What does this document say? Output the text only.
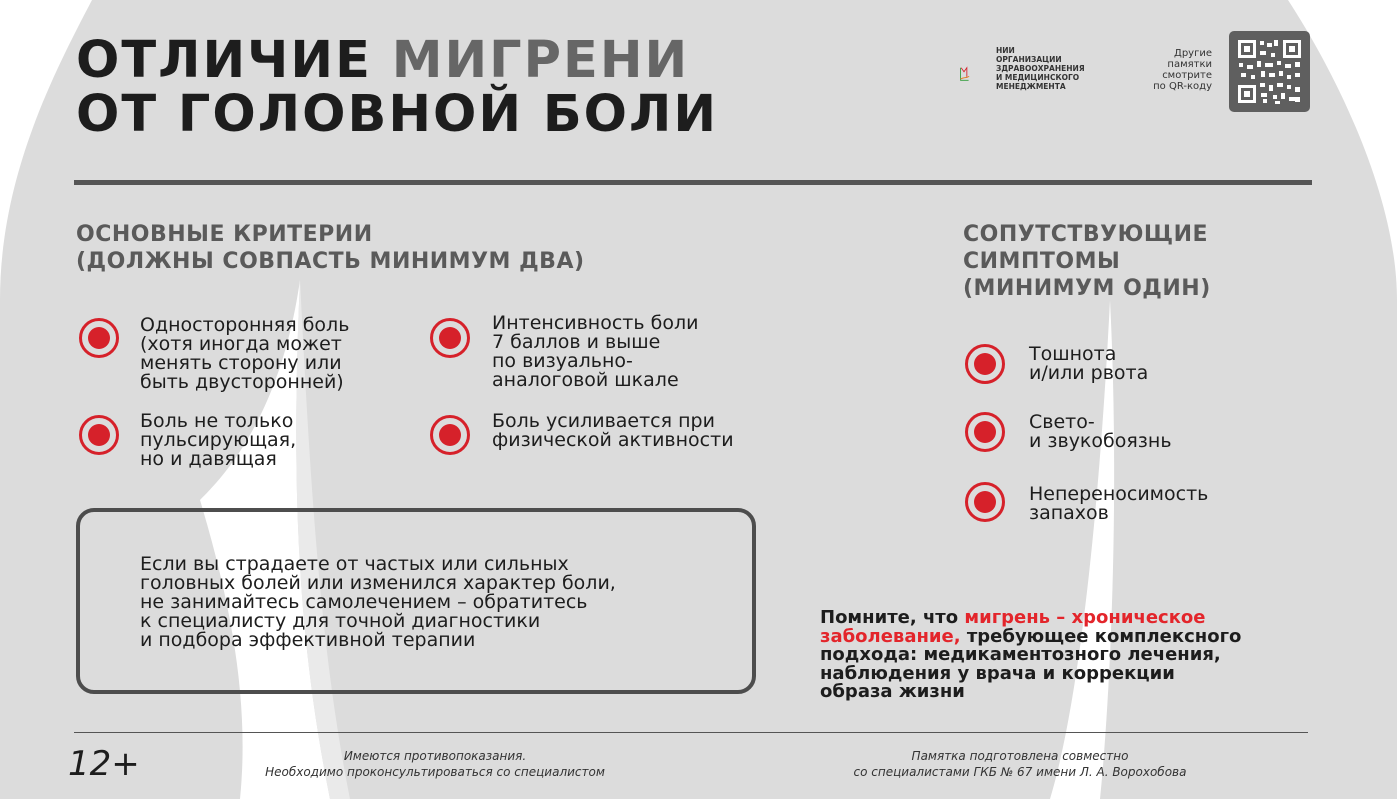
ОТЛИЧИЕ МИГРЕНИ
ОТ ГОЛОВНОЙ БОЛИ
НИИ
ОРГАНИЗАЦИИ
ЗДРАВООХРАНЕНИЯ
И МЕДИЦИНСКОГО
МЕНЕДЖМЕНТА
Другие
памятки
смотрите
по QR-коду
ОСНОВНЫЕ КРИТЕРИИ
(ДОЛЖНЫ СОВПАСТЬ МИНИМУМ ДВА)
Односторонняя боль
(хотя иногда может
менять сторону или
быть двусторонней)
Боль не только
пульсирующая,
но и давящая
Интенсивность боли
7 баллов и выше
по визуально-
аналоговой шкале
Боль усиливается при
физической активности
Если вы страдаете от частых или сильных
головных болей или изменился характер боли,
не занимайтесь самолечением – обратитесь
к специалисту для точной диагностики
и подбора эффективной терапии
СОПУТСТВУЮЩИЕ
СИМПТОМЫ
(МИНИМУМ ОДИН)
Тошнота
и/или рвота
Свето-
и звукобоязнь
Непереносимость
запахов
Помните, что мигрень – хроническое
заболевание, требующее комплексного
подхода: медикаментозного лечения,
наблюдения у врача и коррекции
образа жизни
12+	Имеются противопоказания.
Необходимо проконсультироваться со специалистом
Памятка подготовлена совместно
со специалистами ГКБ № 67 имени Л. А. Ворохобова
